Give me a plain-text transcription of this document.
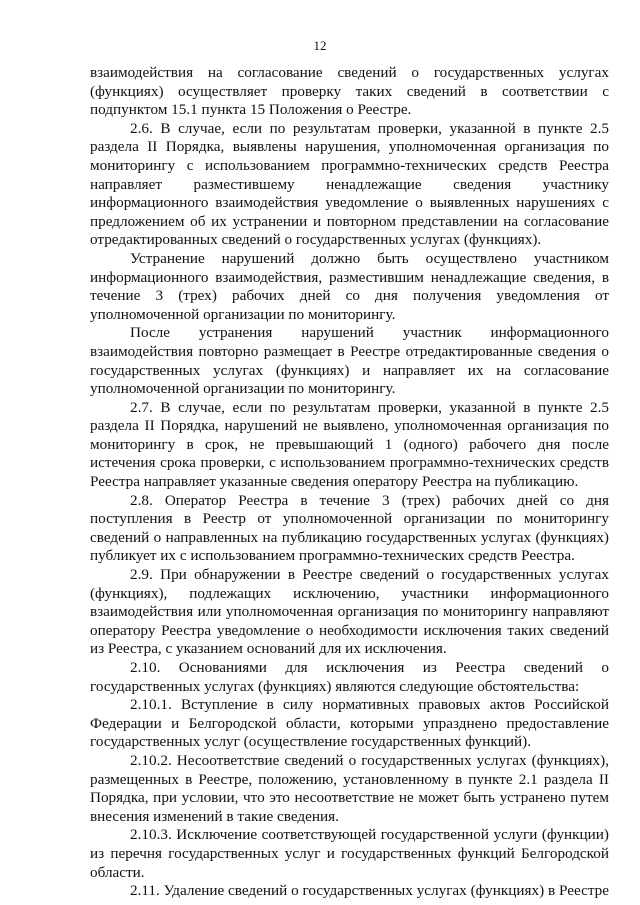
12

взаимодействия на согласование сведений о государственных услугах (функциях) осуществляет проверку таких сведений в соответствии с подпунктом 15.1 пункта 15 Положения о Реестре.

2.6. В случае, если по результатам проверки, указанной в пункте 2.5 раздела II Порядка, выявлены нарушения, уполномоченная организация по мониторингу с использованием программно-технических средств Реестра направляет разместившему ненадлежащие сведения участнику информационного взаимодействия уведомление о выявленных нарушениях с предложением об их устранении и повторном представлении на согласование отредактированных сведений о государственных услугах (функциях).

Устранение нарушений должно быть осуществлено участником информационного взаимодействия, разместившим ненадлежащие сведения, в течение 3 (трех) рабочих дней со дня получения уведомления от уполномоченной организации по мониторингу.

После устранения нарушений участник информационного взаимодействия повторно размещает в Реестре отредактированные сведения о государственных услугах (функциях) и направляет их на согласование уполномоченной организации по мониторингу.

2.7. В случае, если по результатам проверки, указанной в пункте 2.5 раздела II Порядка, нарушений не выявлено, уполномоченная организация по мониторингу в срок, не превышающий 1 (одного) рабочего дня после истечения срока проверки, с использованием программно-технических средств Реестра направляет указанные сведения оператору Реестра на публикацию.

2.8. Оператор Реестра в течение 3 (трех) рабочих дней со дня поступления в Реестр от уполномоченной организации по мониторингу сведений о направленных на публикацию государственных услугах (функциях) публикует их с использованием программно-технических средств Реестра.

2.9. При обнаружении в Реестре сведений о государственных услугах (функциях), подлежащих исключению, участники информационного взаимодействия или уполномоченная организация по мониторингу направляют оператору Реестра уведомление о необходимости исключения таких сведений из Реестра, с указанием оснований для их исключения.

2.10. Основаниями для исключения из Реестра сведений о государственных услугах (функциях) являются следующие обстоятельства:

2.10.1. Вступление в силу нормативных правовых актов Российской Федерации и Белгородской области, которыми упразднено предоставление государственных услуг (осуществление государственных функций).

2.10.2. Несоответствие сведений о государственных услугах (функциях), размещенных в Реестре, положению, установленному в пункте 2.1 раздела II Порядка, при условии, что это несоответствие не может быть устранено путем внесения изменений в такие сведения.

2.10.3. Исключение соответствующей государственной услуги (функции) из перечня государственных услуг и государственных функций Белгородской области.

2.11. Удаление сведений о государственных услугах (функциях) в Реестре
